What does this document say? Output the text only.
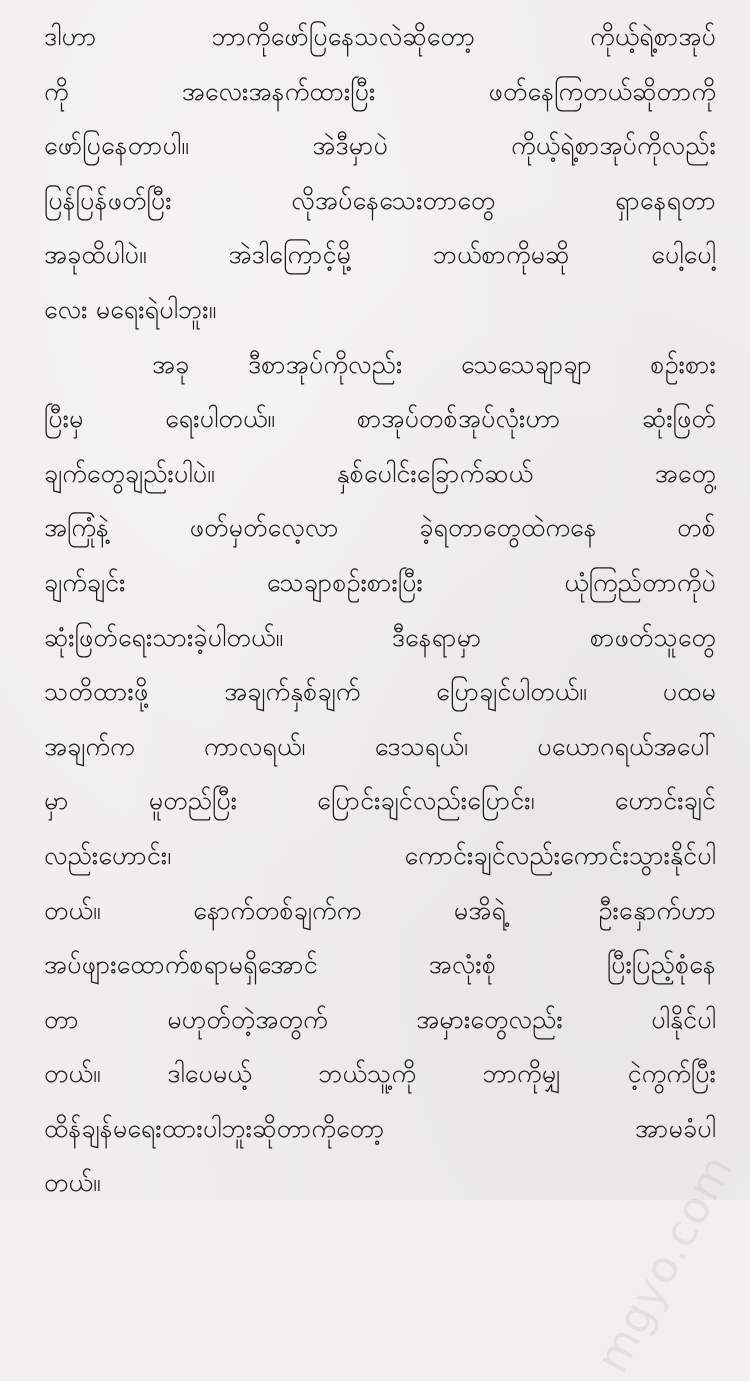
ဒါဟာ ဘာကိုဖော်ပြနေသလဲဆိုတော့ ကိုယ့်ရဲ့စာအုပ်
ကို အလေးအနက်ထားပြီး ဖတ်နေကြတယ်ဆိုတာကို
ဖော်ပြနေတာပါ။ အဲဒီမှာပဲ ကိုယ့်ရဲ့စာအုပ်ကိုလည်း
ပြန်ပြန်ဖတ်ပြီး လိုအပ်နေသေးတာတွေ ရှာနေရတာ
အခုထိပါပဲ။ အဲဒါကြောင့်မို့ ဘယ်စာကိုမဆို ပေါ့ပေါ့
လေး မရေးရဲပါဘူး။
အခု ဒီစာအုပ်ကိုလည်း သေသေချာချာ စဉ်းစား
ပြီးမှ ရေးပါတယ်။ စာအုပ်တစ်အုပ်လုံးဟာ ဆုံးဖြတ်
ချက်တွေချည်းပါပဲ။ နှစ်ပေါင်းခြောက်ဆယ် အတွေ့
အကြုံနဲ့ ဖတ်မှတ်လေ့လာ ခဲ့ရတာတွေထဲကနေ တစ်
ချက်ချင်း သေချာစဉ်းစားပြီး ယုံကြည်တာကိုပဲ
ဆုံးဖြတ်ရေးသားခဲ့ပါတယ်။ ဒီနေရာမှာ စာဖတ်သူတွေ
သတိထားဖို့ အချက်နှစ်ချက် ပြောချင်ပါတယ်။ ပထမ
အချက်က ကာလရယ်၊ ဒေသရယ်၊ ပယောဂရယ်အပေါ်
မှာ မူတည်ပြီး ပြောင်းချင်လည်းပြောင်း၊ ဟောင်းချင်
လည်းဟောင်း၊ ကောင်းချင်လည်းကောင်းသွားနိုင်ပါ
တယ်။ နောက်တစ်ချက်က မအိရဲ့ ဦးနှောက်ဟာ
အပ်ဖျားထောက်စရာမရှိအောင် အလုံးစုံ ပြီးပြည့်စုံနေ
တာ မဟုတ်တဲ့အတွက် အမှားတွေလည်း ပါနိုင်ပါ
တယ်။ ဒါပေမယ့် ဘယ်သူ့ကို ဘာကိုမျှ ငဲ့ကွက်ပြီး
ထိန်ချန်မရေးထားပါဘူးဆိုတာကိုတော့ အာမခံပါ
တယ်။	mgyo.com
